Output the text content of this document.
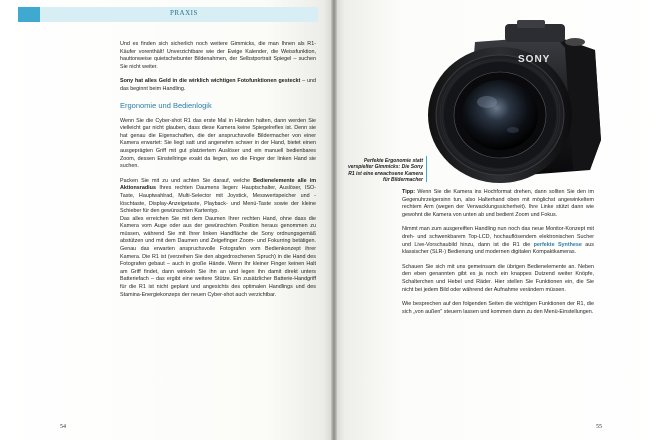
PRAXIS

Und es finden sich sicherlich noch weitere Gimmicks, die man Ihnen als R1-Käufer vorenthält! Unverzichtbare wie der Ewige Kalender, die Weissfunktion, hauttonweise quietschebunter Bildenahmen, der Selbstportrait Spiegel – suchen Sie nicht weiter.

Sony hat alles Geld in die wirklich wichtigen Fotofunktionen gesteckt – und das beginnt beim Handling.

Ergonomie und Bedienlogik

Wenn Sie die Cyber-shot R1 das erste Mal in Händen halten, dann werden Sie vielleicht gar nicht glauben, dass diese Kamera keine Spiegelreflex ist. Denn sie hat genau die Eigenschaften, die der anspruchsvolle Bildermacher von einer Kamera erwartet: Sie liegt satt und angenehm schwer in der Hand, bietet einen ausgeprägten Griff mit gut platziertem Auslöser und ein manuell bedienbares Zoom, dessen Einstellringe exakt da liegen, wo die Finger der linken Hand sie suchen.

Packen Sie mit zu und achten Sie darauf, welche Bedienelemente alle im Aktionsradius Ihres rechten Daumens liegen: Hauptschalter, Auslöser, ISO-Taste, Hauptwahlrad, Multi-Selector mit Joystick, Messwertspeicher und -löschtaste, Display-Anzeigetaste, Playback- und Menü-Taste sowie der kleine Schieber für den gewünschten Kartentyp.

Das alles erreichen Sie mit dem Daumen Ihrer rechten Hand, ohne dass die Kamera vom Auge oder aus der gewünschten Position heraus genommen zu müssen, während Sie mit Ihrer linken Handfläche die Sony ordnungsgemäß abstützen und mit dem Daumen und Zeigefinger Zoom- und Fokurring betätigen. Genau das erwarten anspruchsvolle Fotografen vom Bedienkonzept ihrer Kamera. Die R1 ist (verzeihen Sie den abgedroschenen Spruch) in die Hand des Fotografen gebaut – auch in große Hände. Wenn Ihr kleiner Finger keinen Halt am Griff findet, dann winkeln Sie ihn an und legen ihn damit direkt unters Batteriefach – das ergibt eine weitere Stütze. Ein zusätzlicher Batterie-Handgriff für die R1 ist nicht geplant und angesichts des optimalen Handlings und des Stamina-Energiekonzeps der neuen Cyber-shot auch verzichtbar.

54
SONY
Perfekte Ergonomie statt verspielter Gimmicks: Die Sony R1 ist eine erwachsene Kamera für Bildermacher

Tipp: Wenn Sie die Kamera ins Hochformat drehen, dann sollten Sie den im Gegenuhrzeigersinn tun, also Halterhand oben mit möglichst angewinkeltem rechtem Arm (wegen der Verwacklungssicherheit). Ihre Linke stützt dann wie gewohnt die Kamera von unten ab und bedient Zoom und Fokus.

Nimmt man zum ausgereiften Handling nun noch das neue Monitor-Konzept mit dreh- und schwenkbarem Top-LCD, hochauflösendem elektronischen Sucher und Live-Vorschaubild hinzu, dann ist die R1 die perfekte Synthese aus klassischer (SLR-) Bedienung und modernen digitalen Kompaktkameras.

Schauen Sie sich mit uns gemeinsam die übrigen Bedienelemente an. Neben den eben genannten gibt es ja noch ein knappes Dutzend weiter Knöpfe, Schalterchen und Hebel und Räder. Hier stellen Sie Funktionen ein, die Sie nicht bei jedem Bild oder während der Aufnahme verändern müssen.

Wie besprechen auf den folgenden Seiten die wichtigen Funktionen der R1, die sich „von außen" steuern lassen und kommen dann zu den Menü-Einstellungen.

55
